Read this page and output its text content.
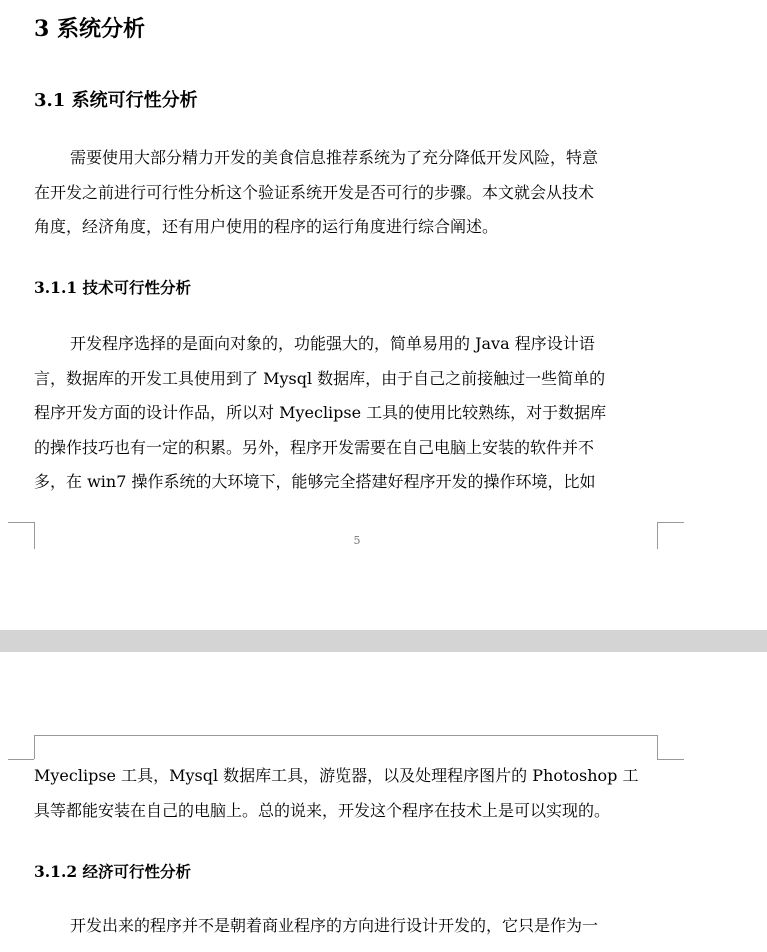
3 系统分析
3.1 系统可行性分析
需要使用大部分精力开发的美食信息推荐系统为了充分降低开发风险，特意
在开发之前进行可行性分析这个验证系统开发是否可行的步骤。本文就会从技术
角度，经济角度，还有用户使用的程序的运行角度进行综合阐述。
3.1.1 技术可行性分析
开发程序选择的是面向对象的，功能强大的，简单易用的 Java 程序设计语
言，数据库的开发工具使用到了 Mysql 数据库，由于自己之前接触过一些简单的
程序开发方面的设计作品，所以对 Myeclipse 工具的使用比较熟练，对于数据库
的操作技巧也有一定的积累。另外，程序开发需要在自己电脑上安装的软件并不
多，在 win7 操作系统的大环境下，能够完全搭建好程序开发的操作环境，比如
5
Myeclipse 工具，Mysql 数据库工具，游览器，以及处理程序图片的 Photoshop 工
具等都能安装在自己的电脑上。总的说来，开发这个程序在技术上是可以实现的。
3.1.2 经济可行性分析
开发出来的程序并不是朝着商业程序的方向进行设计开发的，它只是作为一
